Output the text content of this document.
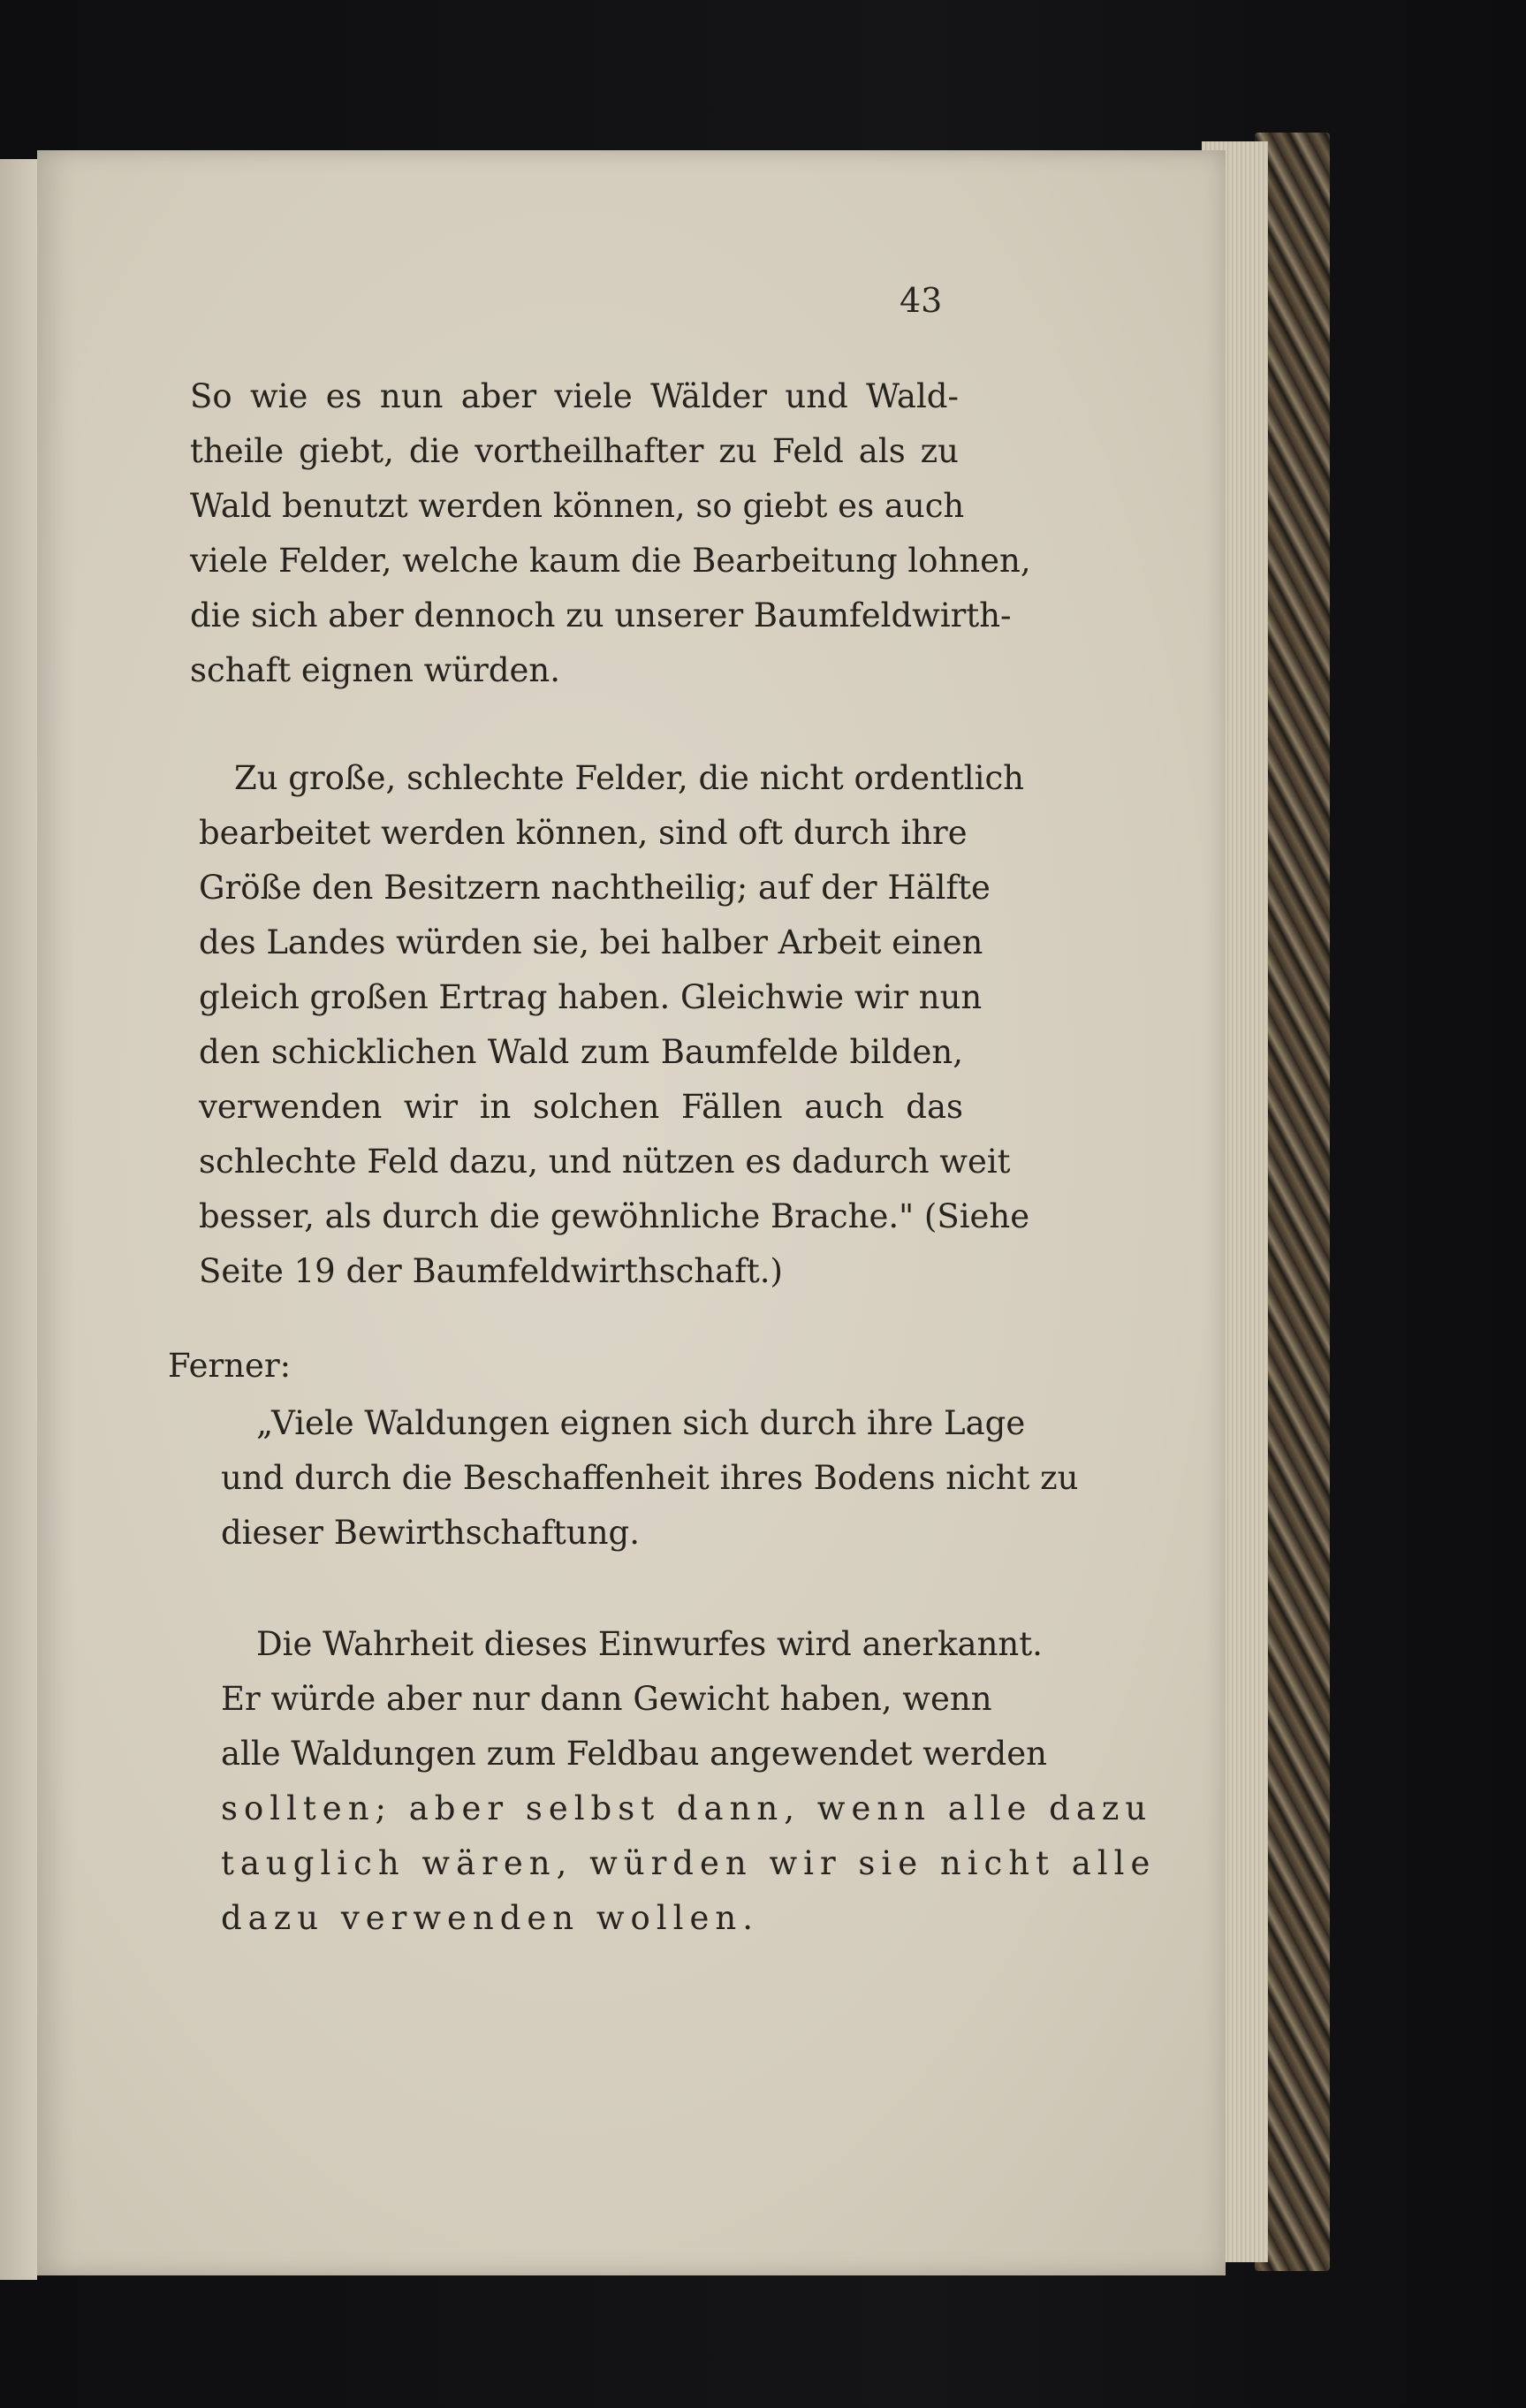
43
So wie es nun aber viele Wälder und Wald-
theile giebt, die vortheilhafter zu Feld als zu
Wald benutzt werden können, so giebt es auch
viele Felder, welche kaum die Bearbeitung lohnen,
die sich aber dennoch zu unserer Baumfeldwirth-
schaft eignen würden.
Zu große, schlechte Felder, die nicht ordentlich
bearbeitet werden können, sind oft durch ihre
Größe den Besitzern nachtheilig; auf der Hälfte
des Landes würden sie, bei halber Arbeit einen
gleich großen Ertrag haben. Gleichwie wir nun
den schicklichen Wald zum Baumfelde bilden,
verwenden wir in solchen Fällen auch das
schlechte Feld dazu, und nützen es dadurch weit
besser, als durch die gewöhnliche Brache." (Siehe
Seite 19 der Baumfeldwirthschaft.)
Ferner:
„Viele Waldungen eignen sich durch ihre Lage
und durch die Beschaffenheit ihres Bodens nicht zu
dieser Bewirthschaftung.
Die Wahrheit dieses Einwurfes wird anerkannt.
Er würde aber nur dann Gewicht haben, wenn
alle Waldungen zum Feldbau angewendet werden
sollten; aber selbst dann, wenn alle dazu
tauglich wären, würden wir sie nicht alle
dazu verwenden wollen.
